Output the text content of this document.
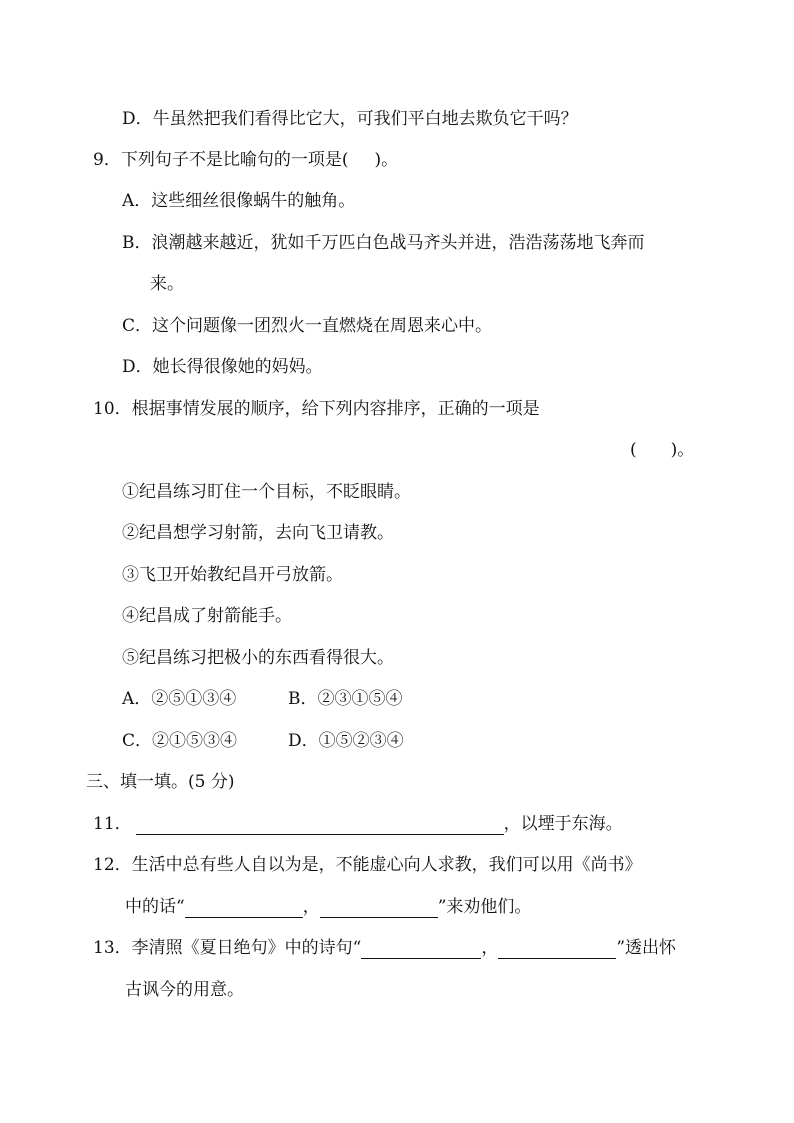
D．牛虽然把我们看得比它大，可我们平白地去欺负它干吗？
9．下列句子不是比喻句的一项是( )。
A．这些细丝很像蜗牛的触角。
B．浪潮越来越近，犹如千万匹白色战马齐头并进，浩浩荡荡地飞奔而
来。
C．这个问题像一团烈火一直燃烧在周恩来心中。
D．她长得很像她的妈妈。
10．根据事情发展的顺序，给下列内容排序，正确的一项是
( )。
①纪昌练习盯住一个目标，不眨眼睛。
②纪昌想学习射箭，去向飞卫请教。
③飞卫开始教纪昌开弓放箭。
④纪昌成了射箭能手。
⑤纪昌练习把极小的东西看得很大。
A．②⑤①③④	B．②③①⑤④
C．②①⑤③④	D．①⑤②③④
三、填一填。(5 分)
11．	，以堙于东海。
12．生活中总有些人自以为是，不能虚心向人求教，我们可以用《尚书》
中的话“	，	”来劝他们。
13．李清照《夏日绝句》中的诗句“	，	”透出怀
古讽今的用意。
